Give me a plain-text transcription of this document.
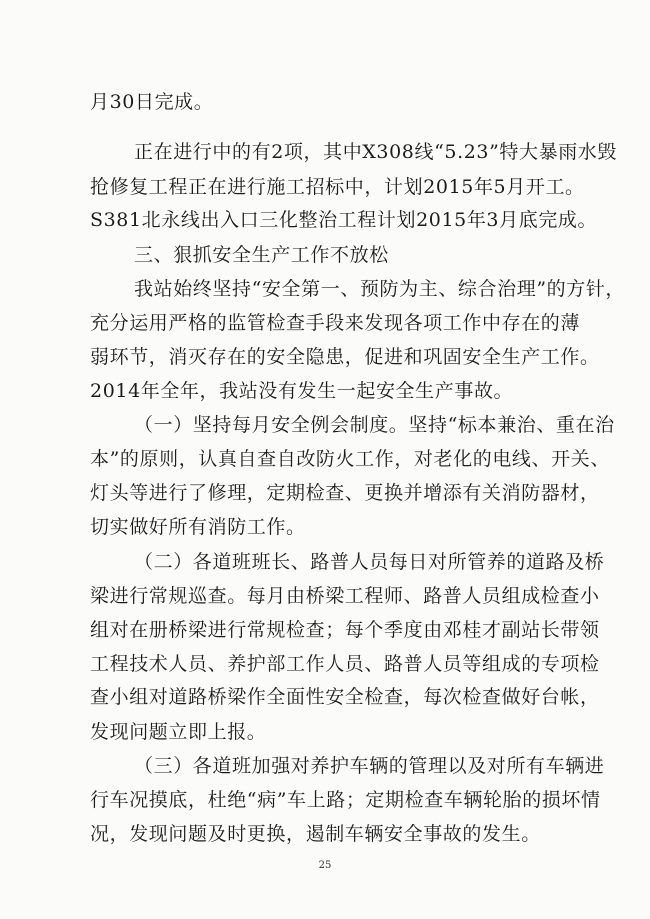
月30日完成。
正在进行中的有2项，其中X308线“5.23”特大暴雨水毁
抢修复工程正在进行施工招标中，计划2015年5月开工。
S381北永线出入口三化整治工程计划2015年3月底完成。
三、狠抓安全生产工作不放松
我站始终坚持“安全第一、预防为主、综合治理”的方针，
充分运用严格的监管检查手段来发现各项工作中存在的薄
弱环节，消灭存在的安全隐患，促进和巩固安全生产工作。
2014年全年，我站没有发生一起安全生产事故。
（一）坚持每月安全例会制度。坚持“标本兼治、重在治
本”的原则，认真自查自改防火工作，对老化的电线、开关、
灯头等进行了修理，定期检查、更换并增添有关消防器材，
切实做好所有消防工作。
（二）各道班班长、路普人员每日对所管养的道路及桥
梁进行常规巡查。每月由桥梁工程师、路普人员组成检查小
组对在册桥梁进行常规检查；每个季度由邓桂才副站长带领
工程技术人员、养护部工作人员、路普人员等组成的专项检
查小组对道路桥梁作全面性安全检查，每次检查做好台帐，
发现问题立即上报。
（三）各道班加强对养护车辆的管理以及对所有车辆进
行车况摸底，杜绝“病”车上路；定期检查车辆轮胎的损坏情
况，发现问题及时更换，遏制车辆安全事故的发生。
25
